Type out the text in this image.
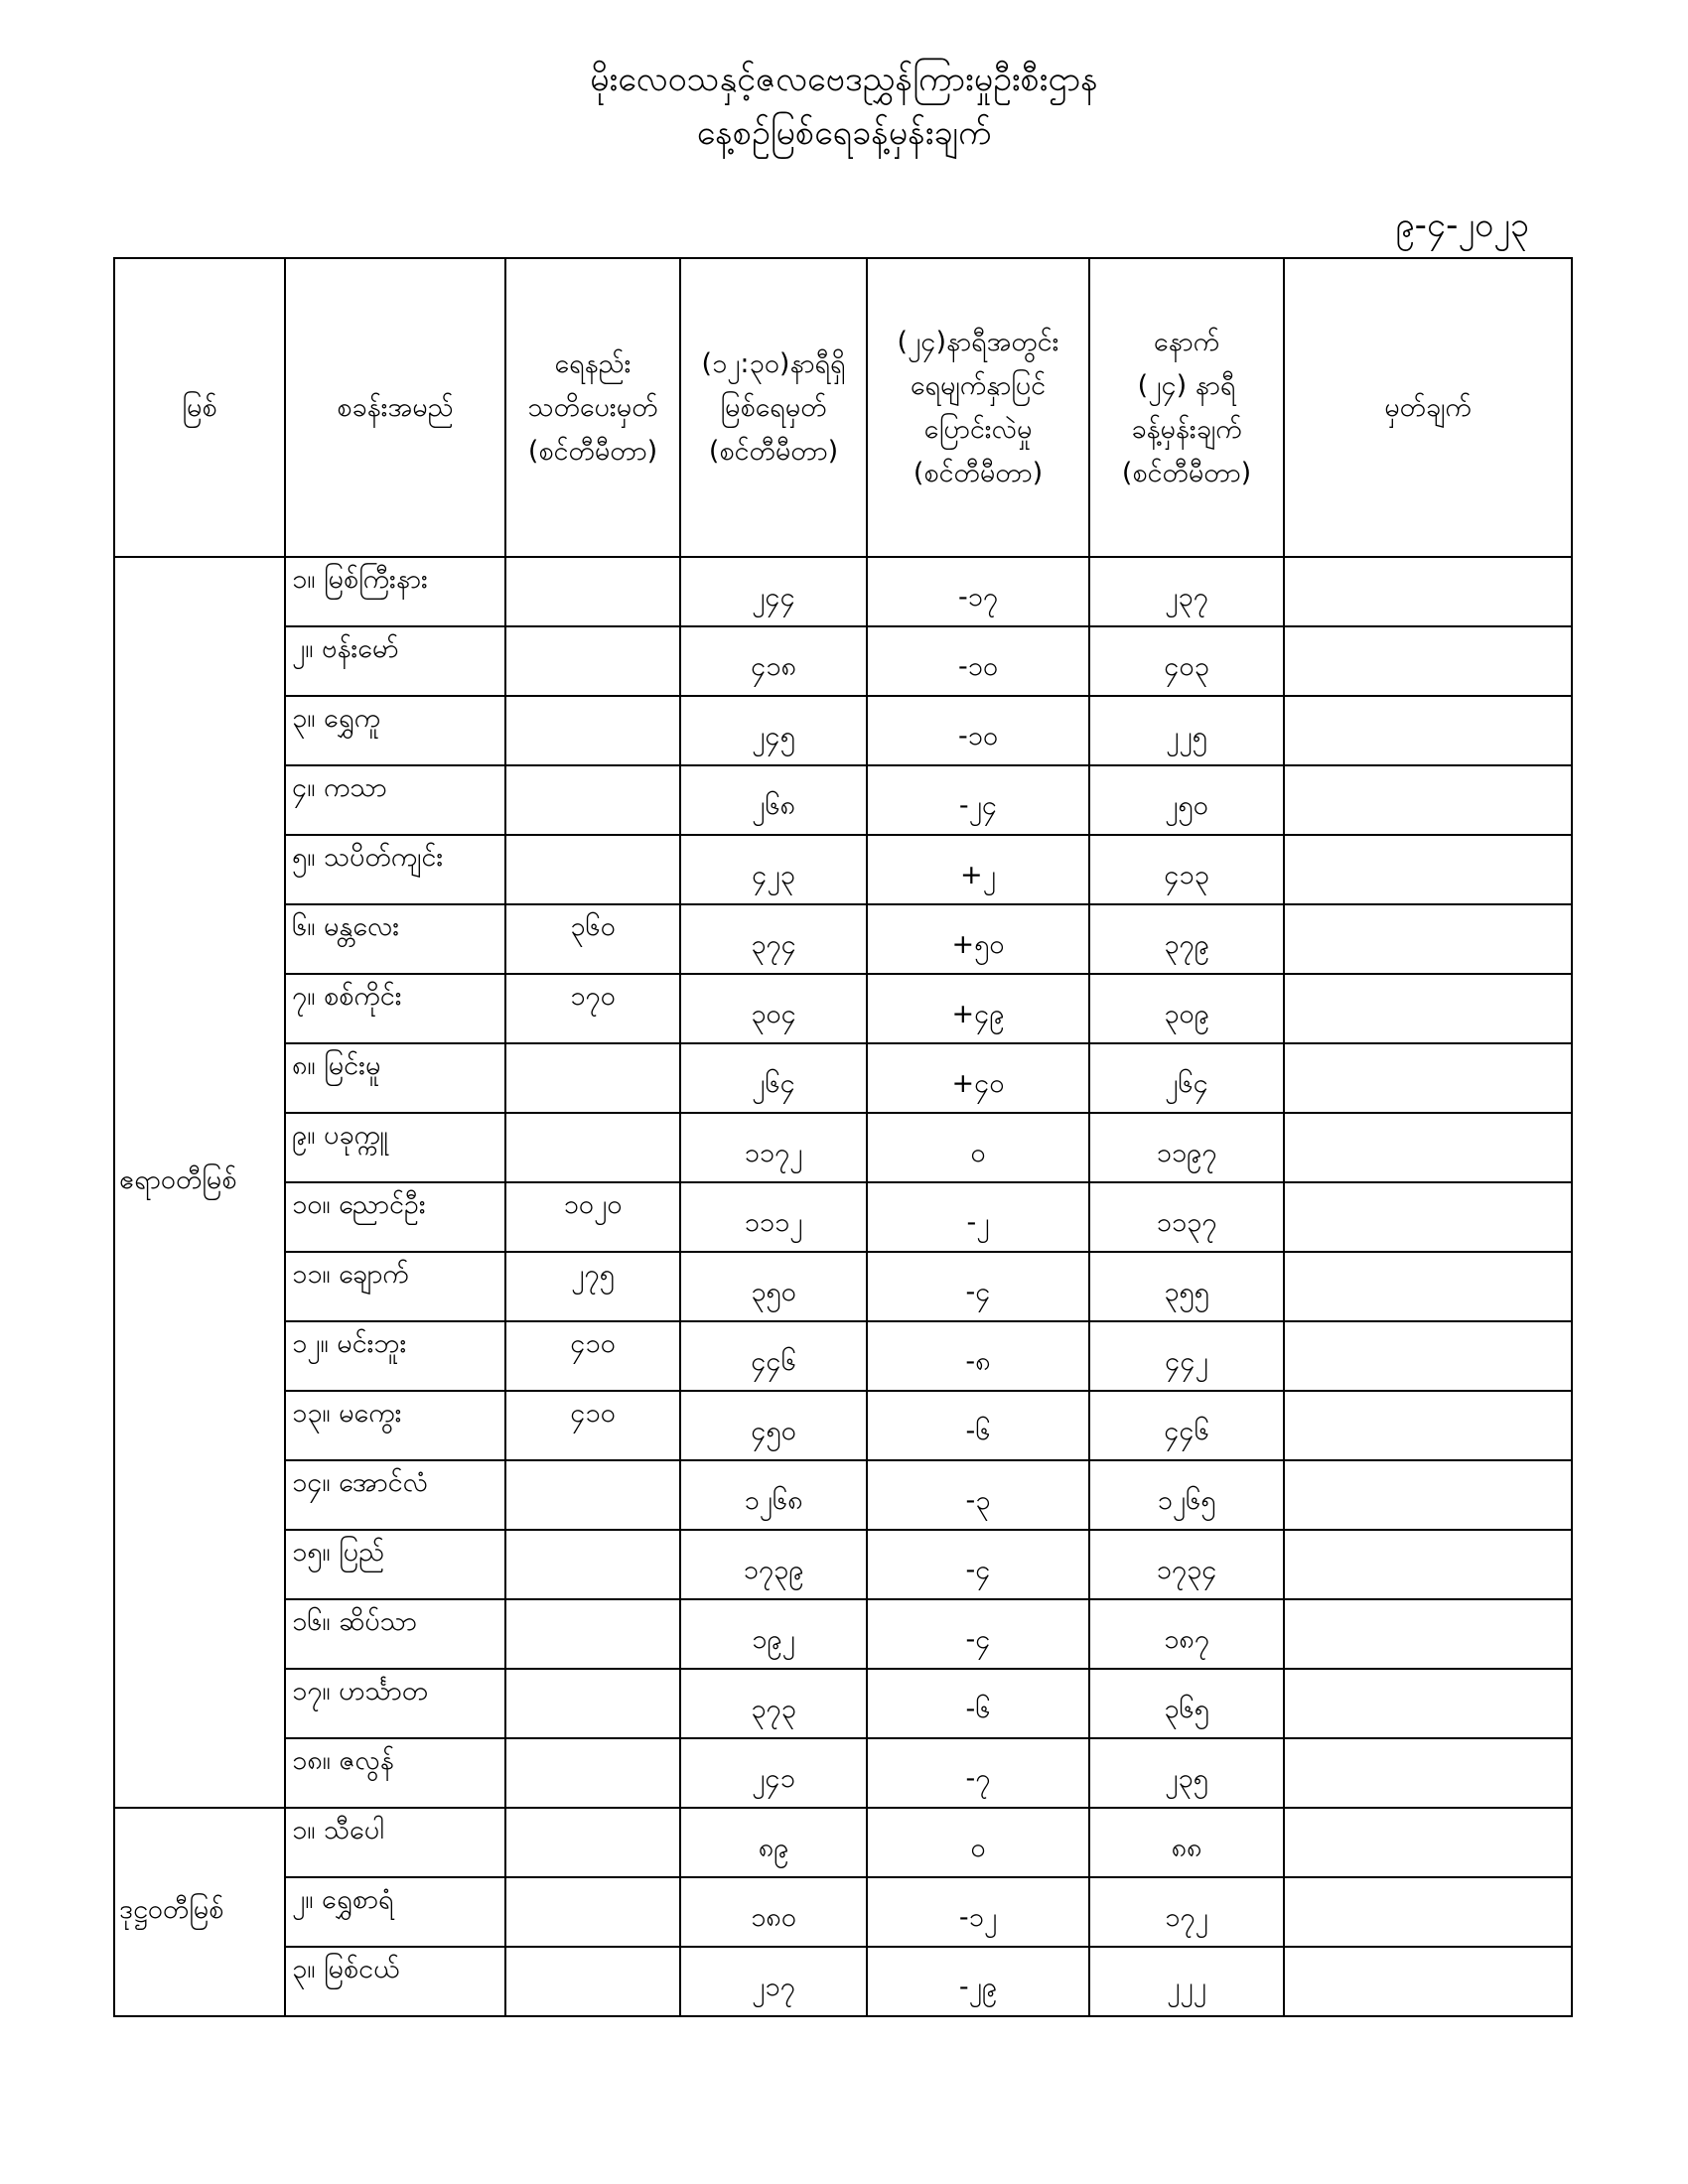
မိုးလေဝသနှင့်ဇလဗေဒညွှန်ကြားမှုဦးစီးဌာန
နေ့စဉ်မြစ်ရေခန့်မှန်းချက်
၉-၄-၂၀၂၃
မြစ်	စခန်းအမည်	ရေနည်း
သတိပေးမှတ်
(စင်တီမီတာ)	(၁၂:၃၀)နာရီရှိ
မြစ်ရေမှတ်
(စင်တီမီတာ)	(၂၄)နာရီအတွင်း
ရေမျက်နှာပြင်
ပြောင်းလဲမှု
(စင်တီမီတာ)	နောက်
(၂၄) နာရီ
ခန့်မှန်းချက်
(စင်တီမီတာ)	မှတ်ချက်
ဧရာဝတီမြစ်	၁။ မြစ်ကြီးနား		၂၄၄	-၁၇	၂၃၇	
	၂။ ဗန်းမော်		၄၁၈	-၁၀	၄၀၃	
	၃။ ရွှေကူ		၂၄၅	-၁၀	၂၂၅	
	၄။ ကသာ		၂၆၈	-၂၄	၂၅၀	
	၅။ သပိတ်ကျင်း		၄၂၃	+၂	၄၁၃	
	၆။ မန္တလေး	၃၆၀	၃၇၄	+၅၀	၃၇၉	
	၇။ စစ်ကိုင်း	၁၇၀	၃၀၄	+၄၉	၃၀၉	
	၈။ မြင်းမူ		၂၆၄	+၄၀	၂၆၄	
	၉။ ပခုက္ကူ		၁၁၇၂	၀	၁၁၉၇	
	၁၀။ ညောင်ဦး	၁၀၂၀	၁၁၁၂	-၂	၁၁၃၇	
	၁၁။ ချောက်	၂၇၅	၃၅၀	-၄	၃၅၅	
	၁၂။ မင်းဘူး	၄၁၀	၄၄၆	-၈	၄၄၂	
	၁၃။ မကွေး	၄၁၀	၄၅၀	-၆	၄၄၆	
	၁၄။ အောင်လံ		၁၂၆၈	-၃	၁၂၆၅	
	၁၅။ ပြည်		၁၇၃၉	-၄	၁၇၃၄	
	၁၆။ ဆိပ်သာ		၁၉၂	-၄	၁၈၇	
	၁၇။ ဟင်္သာတ		၃၇၃	-၆	၃၆၅	
	၁၈။ ဇလွန်		၂၄၁	-၇	၂၃၅	
ဒုဋ္ဌဝတီမြစ်	၁။ သီပေါ		၈၉	၀	၈၈	
	၂။ ရွှေစာရံ		၁၈၀	-၁၂	၁၇၂	
	၃။ မြစ်ငယ်		၂၁၇	-၂၉	၂၂၂	
